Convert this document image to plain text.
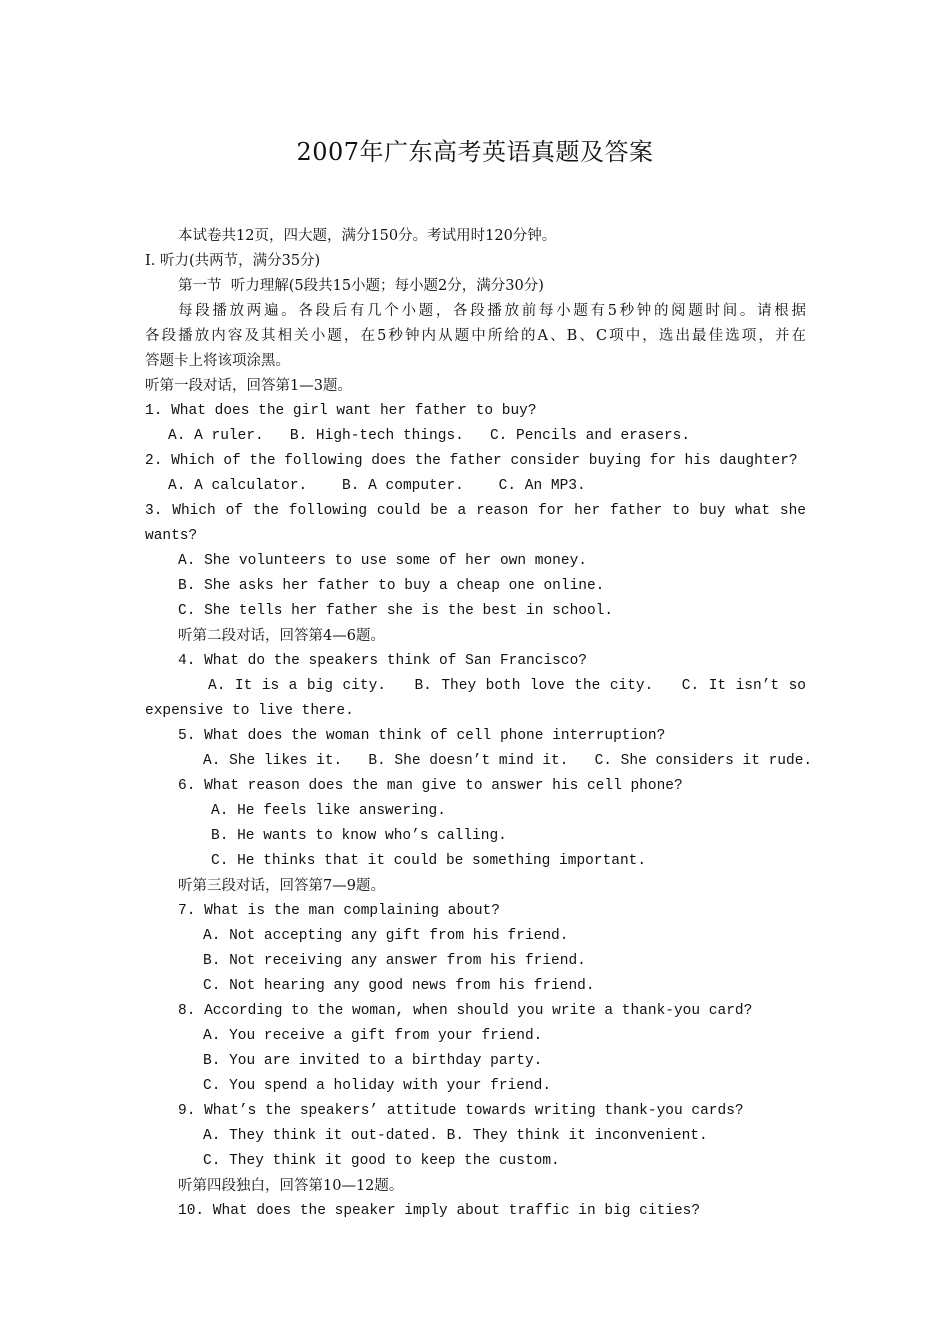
2007年广东高考英语真题及答案
本试卷共12页，四大题，满分150分。考试用时120分钟。
I. 听力(共两节，满分35分)
第一节  听力理解(5段共15小题；每小题2分，满分30分)
每段播放两遍。各段后有几个小题，各段播放前每小题有5秒钟的阅题时间。请根据
各段播放内容及其相关小题，在5秒钟内从题中所给的A、B、C项中，选出最佳选项，并在
答题卡上将该项涂黑。
听第一段对话，回答第1—3题。
1. What does the girl want her father to buy?
A. A ruler.   B. High-tech things.   C. Pencils and erasers.
2. Which of the following does the father consider buying for his daughter?
A. A calculator.    B. A computer.    C. An MP3.
3. Which of the following could be a reason for her father to buy what she
wants?
A. She volunteers to use some of her own money.
B. She asks her father to buy a cheap one online.
C. She tells her father she is the best in school.
听第二段对话，回答第4—6题。
4. What do the speakers think of San Francisco?
A. It is a big city.   B. They both love the city.   C. It isn’t so
expensive to live there.
5. What does the woman think of cell phone interruption?
A. She likes it.   B. She doesn’t mind it.   C. She considers it rude.
6. What reason does the man give to answer his cell phone?
A. He feels like answering.
B. He wants to know who’s calling.
C. He thinks that it could be something important.
听第三段对话，回答第7—9题。
7. What is the man complaining about?
A. Not accepting any gift from his friend.
B. Not receiving any answer from his friend.
C. Not hearing any good news from his friend.
8. According to the woman, when should you write a thank-you card?
A. You receive a gift from your friend.
B. You are invited to a birthday party.
C. You spend a holiday with your friend.
9. What’s the speakers’ attitude towards writing thank-you cards?
A. They think it out-dated. B. They think it inconvenient.
C. They think it good to keep the custom.
听第四段独白，回答第10—12题。
10. What does the speaker imply about traffic in big cities?
